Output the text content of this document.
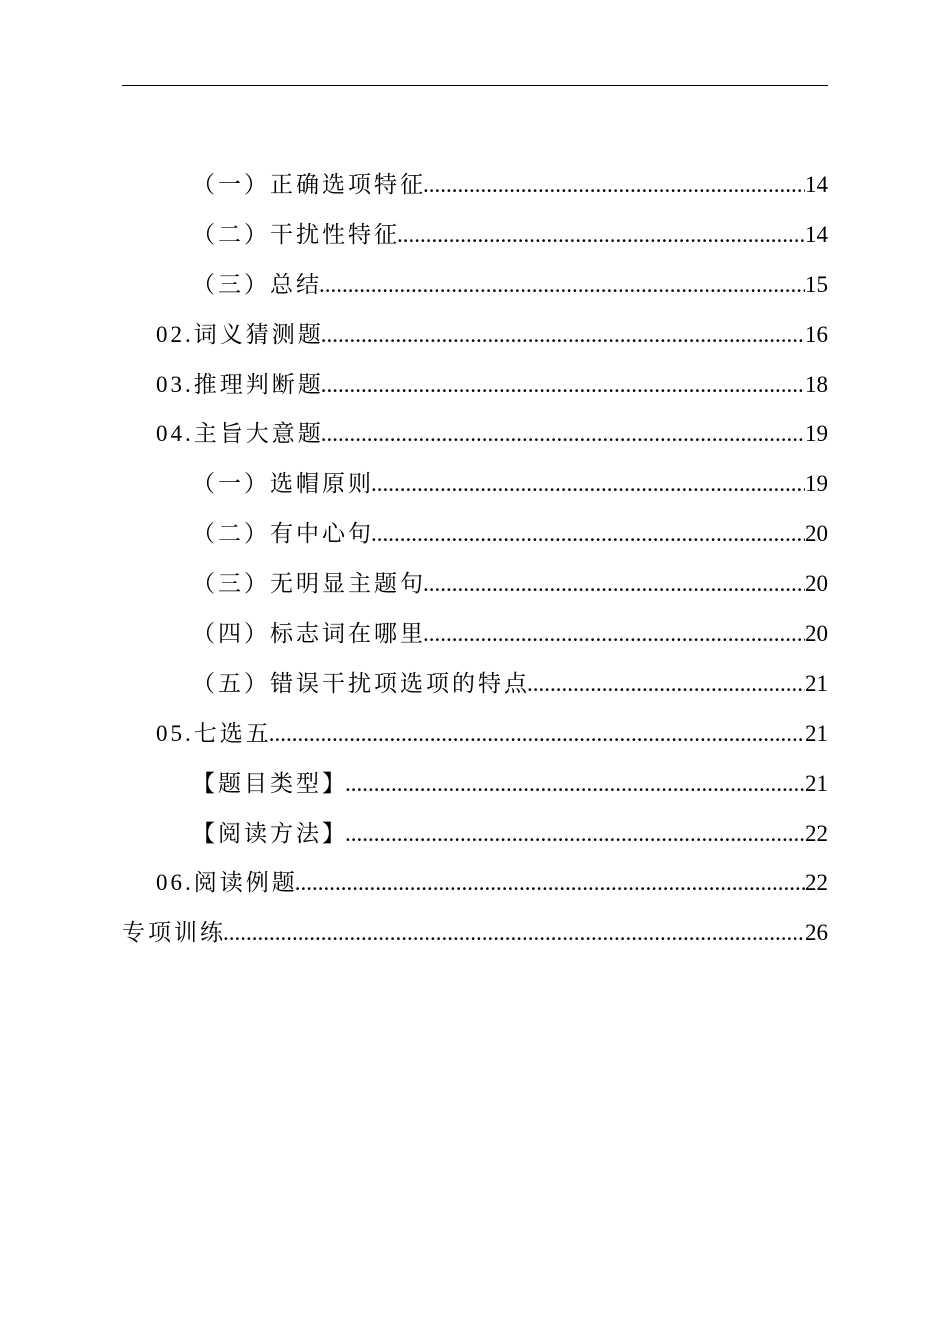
（一）正确选项特征 .....	14
（二）干扰性特征 .....	14
（三）总结 .....	15
02.词义猜测题 .....	16
03.推理判断题 .....	18
04.主旨大意题 .....	19
（一）选帽原则 .....	19
（二）有中心句 .....	20
（三）无明显主题句 .....	20
（四）标志词在哪里 .....	20
（五）错误干扰项选项的特点 .....	21
05.七选五 .....	21
【题目类型】 .....	21
【阅读方法】 .....	22
06.阅读例题 .....	22
专项训练 .....	26
